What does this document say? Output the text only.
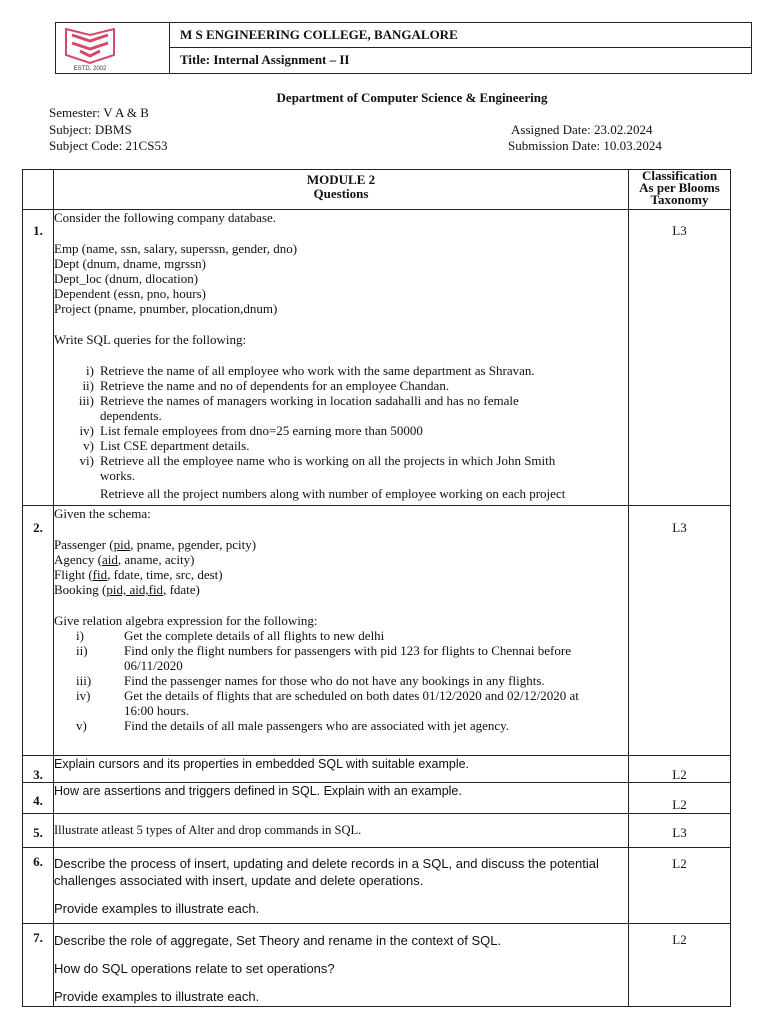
ESTD. 2002
M S ENGINEERING COLLEGE, BANGALORE
Title: Internal Assignment – II
Department of Computer Science & Engineering
Semester: V A & B
Subject: DBMS
Subject Code: 21CS53
Assigned Date: 23.02.2024
Submission Date: 10.03.2024
MODULE 2
Questions
Classification
As per Blooms
Taxonomy
1.
Consider the following company database.
Emp (name, ssn, salary, superssn, gender, dno)
Dept (dnum, dname, mgrssn)
Dept_loc (dnum, dlocation)
Dependent (essn, pno, hours)
Project (pname, pnumber, plocation,dnum)
Write SQL queries for the following:
i) Retrieve the name of all employee who work with the same department as Shravan.
ii) Retrieve the name and no of dependents for an employee Chandan.
iii) Retrieve the names of managers working in location sadahalli and has no female
dependents.
iv) List female employees from dno=25 earning more than 50000
v) List CSE department details.
vi) Retrieve all the employee name who is working on all the projects in which John Smith
works.
Retrieve all the project numbers along with number of employee working on each project
L3
2.
Given the schema:
Passenger (pid, pname, pgender, pcity)
Agency (aid, aname, acity)
Flight (fid, fdate, time, src, dest)
Booking (pid, aid,fid, fdate)
Give relation algebra expression for the following:
i)	Get the complete details of all flights to new delhi
ii)	Find only the flight numbers for passengers with pid 123 for flights to Chennai before
06/11/2020
iii)	Find the passenger names for those who do not have any bookings in any flights.
iv)	Get the details of flights that are scheduled on both dates 01/12/2020 and 02/12/2020 at
16:00 hours.
v)	Find the details of all male passengers who are associated with jet agency.
L3
3.
Explain cursors and its properties in embedded SQL with suitable example.
L2
4.
How are assertions and triggers defined in SQL. Explain with an example.
L2
5. Illustrate atleast 5 types of Alter and drop commands in SQL.	L3
6. Describe the process of insert, updating and delete records in a SQL, and discuss the potential
challenges associated with insert, update and delete operations.
Provide examples to illustrate each.
L2
7. Describe the role of aggregate, Set Theory and rename in the context of SQL.
How do SQL operations relate to set operations?
Provide examples to illustrate each.
L2
